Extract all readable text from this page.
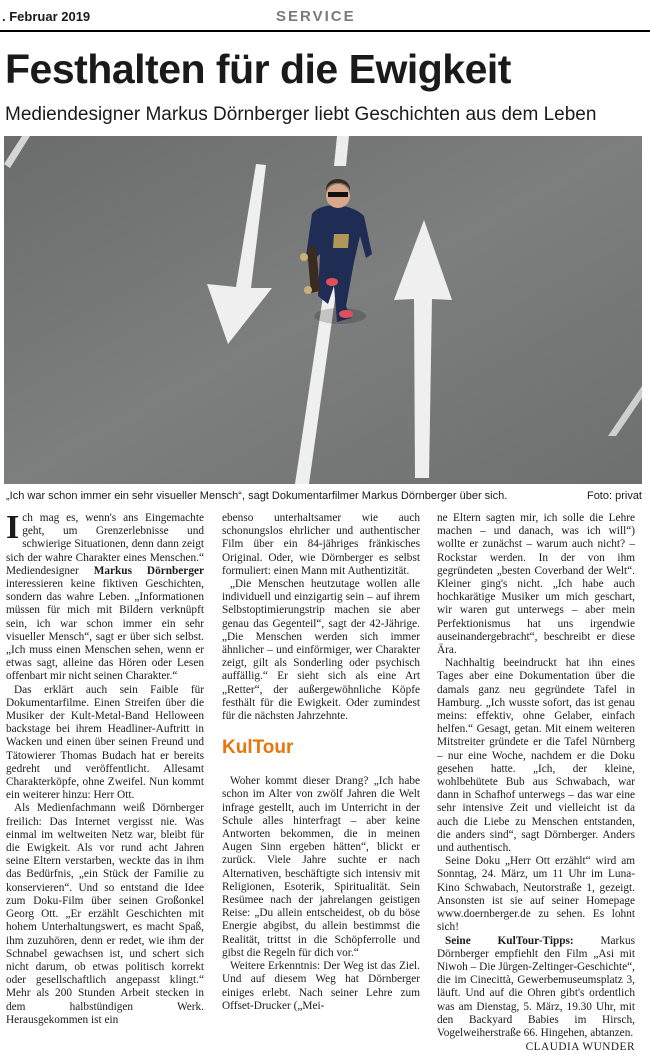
. Februar 2019	SERVICE
Festhalten für die Ewigkeit
Mediendesigner Markus Dörnberger liebt Geschichten aus dem Leben
„Ich war schon immer ein sehr visueller Mensch“, sagt Dokumentarfilmer Markus Dörnberger über sich.	Foto: privat

Ich mag es, wenn's ans Eingemachte geht, um Grenzerlebnisse und schwierige Situationen, denn dann zeigt sich der wahre Charakter eines Menschen.“ Mediendesigner Markus Dörnberger interessieren keine fiktiven Geschichten, sondern das wahre Leben. „Informationen müssen für mich mit Bildern verknüpft sein, ich war schon immer ein sehr visueller Mensch“, sagt er über sich selbst. „Ich muss einen Menschen sehen, wenn er etwas sagt, alleine das Hören oder Lesen offenbart mir nicht seinen Charakter.“

Das erklärt auch sein Faible für Dokumentarfilme. Einen Streifen über die Musiker der Kult-Metal-Band Helloween backstage bei ihrem Headliner-Auftritt in Wacken und einen über seinen Freund und Tätowierer Thomas Budach hat er bereits gedreht und veröffentlicht. Allesamt Charakterköpfe, ohne Zweifel. Nun kommt ein weiterer hinzu: Herr Ott.

Als Medienfachmann weiß Dörnberger freilich: Das Internet vergisst nie. Was einmal im weltweiten Netz war, bleibt für die Ewigkeit. Als vor rund acht Jahren seine Eltern verstarben, weckte das in ihm das Bedürfnis, „ein Stück der Familie zu konservieren“. Und so entstand die Idee zum Doku-Film über seinen Großonkel Georg Ott. „Er erzählt Geschichten mit hohem Unterhaltungswert, es macht Spaß, ihm zuzuhören, denn er redet, wie ihm der Schnabel gewachsen ist, und schert sich nicht darum, ob etwas politisch korrekt oder gesellschaftlich angepasst klingt.“ Mehr als 200 Stunden Arbeit stecken in dem halbstündigen Werk. Herausgekommen ist ein

ebenso unterhaltsamer wie auch schonungslos ehrlicher und authentischer Film über ein 84-jähriges fränkisches Original. Oder, wie Dörnberger es selbst formuliert: einen Mann mit Authentizität.

„Die Menschen heutzutage wollen alle individuell und einzigartig sein – auf ihrem Selbstoptimierungstrip machen sie aber genau das Gegenteil“, sagt der 42-Jährige. „Die Menschen werden sich immer ähnlicher – und einförmiger, wer Charakter zeigt, gilt als Sonderling oder psychisch auffällig.“ Er sieht sich als eine Art „Retter“, der außergewöhnliche Köpfe festhält für die Ewigkeit. Oder zumindest für die nächsten Jahrzehnte.

KulTour

Woher kommt dieser Drang? „Ich habe schon im Alter von zwölf Jahren die Welt infrage gestellt, auch im Unterricht in der Schule alles hinterfragt – aber keine Antworten bekommen, die in meinen Augen Sinn ergeben hätten“, blickt er zurück. Viele Jahre suchte er nach Alternativen, beschäftigte sich intensiv mit Religionen, Esoterik, Spiritualität. Sein Resümee nach der jahrelangen geistigen Reise: „Du allein entscheidest, ob du böse Energie abgibst, du allein bestimmst die Realität, trittst in die Schöpferrolle und gibst die Regeln für dich vor.“

Weitere Erkenntnis: Der Weg ist das Ziel. Und auf diesem Weg hat Dörnberger einiges erlebt. Nach seiner Lehre zum Offset-Drucker („Mei-

ne Eltern sagten mir, ich solle die Lehre machen – und danach, was ich will“) wollte er zunächst – warum auch nicht? – Rockstar werden. In der von ihm gegründeten „besten Coverband der Welt“. Kleiner ging's nicht. „Ich habe auch hochkarätige Musiker um mich geschart, wir waren gut unterwegs – aber mein Perfektionismus hat uns irgendwie auseinandergebracht“, beschreibt er diese Ära.

Nachhaltig beeindruckt hat ihn eines Tages aber eine Dokumentation über die damals ganz neu gegründete Tafel in Hamburg. „Ich wusste sofort, das ist genau meins: effektiv, ohne Gelaber, einfach helfen.“ Gesagt, getan. Mit einem weiteren Mitstreiter gründete er die Tafel Nürnberg – nur eine Woche, nachdem er die Doku gesehen hatte. „Ich, der kleine, wohlbehütete Bub aus Schwabach, war dann in Schafhof unterwegs – das war eine sehr intensive Zeit und vielleicht ist da auch die Liebe zu Menschen entstanden, die anders sind“, sagt Dörnberger. Anders und authentisch.

Seine Doku „Herr Ott erzählt“ wird am Sonntag, 24. März, um 11 Uhr im Luna-Kino Schwabach, Neutorstraße 1, gezeigt. Ansonsten ist sie auf seiner Homepage www.doernberger.de zu sehen. Es lohnt sich!

Seine KulTour-Tipps: Markus Dörnberger empfiehlt den Film „Asi mit Niwoh – Die Jürgen-Zeltinger-Geschichte“, die im Cinecittà, Gewerbemuseumsplatz 3, läuft. Und auf die Ohren gibt's ordentlich was am Dienstag, 5. März, 19.30 Uhr, mit den Backyard Babies im Hirsch, Vogelweiherstraße 66. Hingehen, abtanzen.

CLAUDIA WUNDER
